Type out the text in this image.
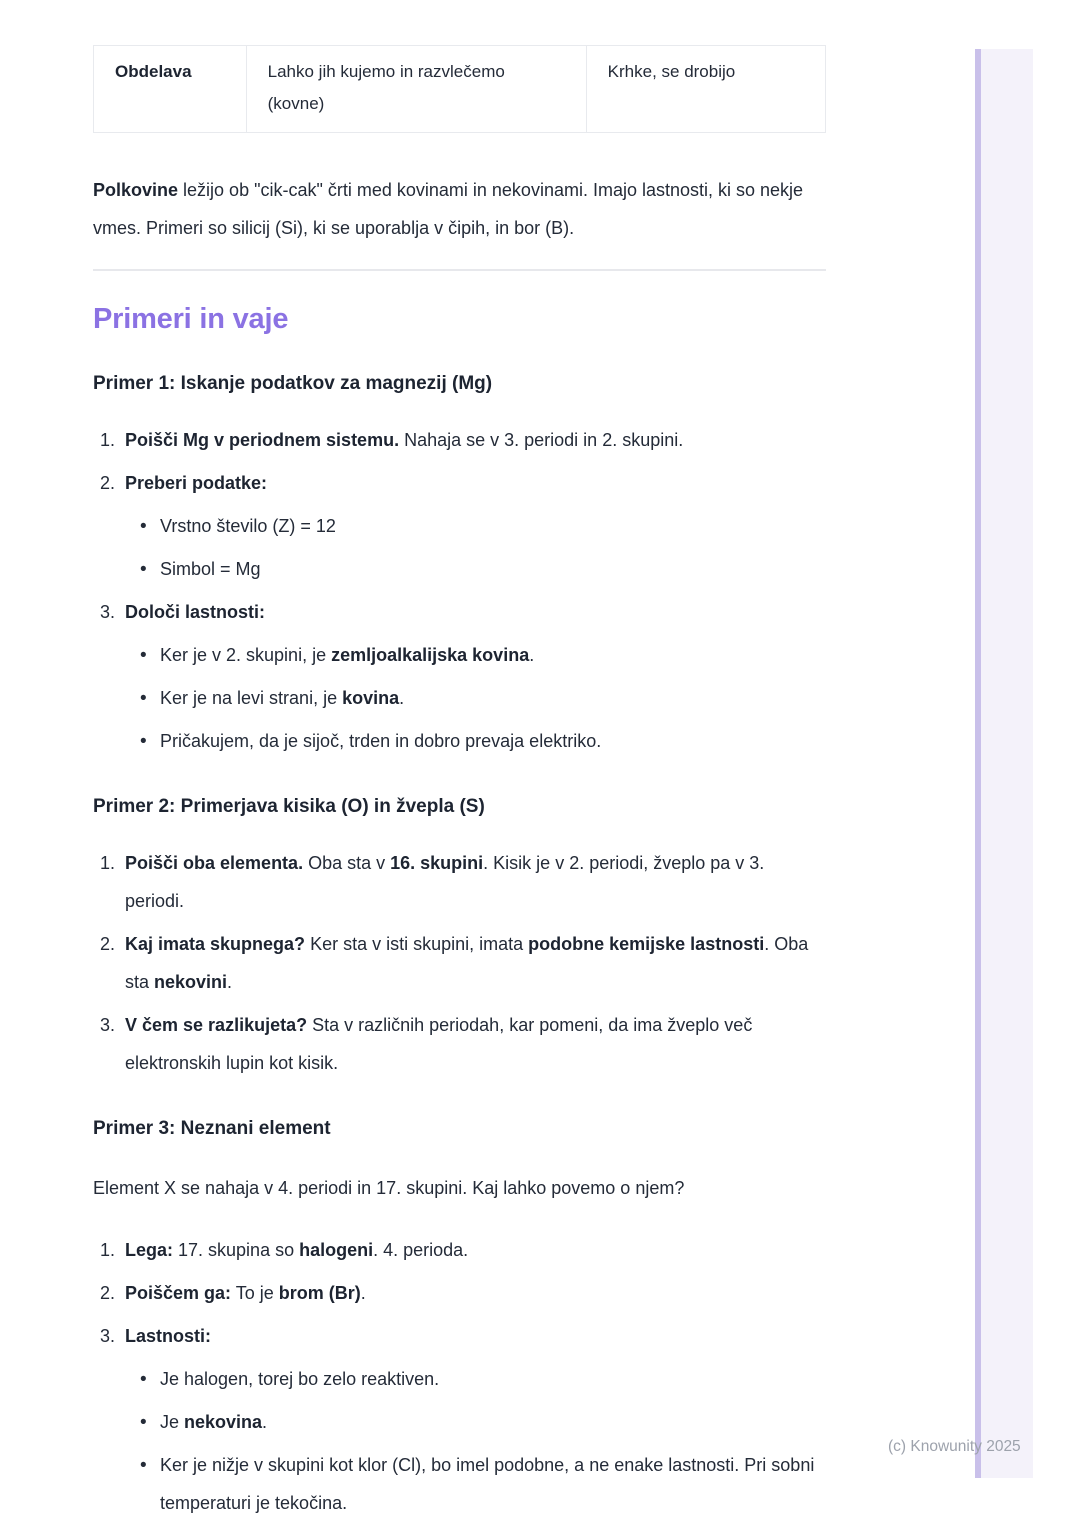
Obdelava	Lahko jih kujemo in razvlečemo (kovne)
Krhke, se drobijo

Polkovine ležijo ob "cik-cak" črti med kovinami in nekovinami. Imajo lastnosti, ki so nekje vmes. Primeri so silicij (Si), ki se uporablja v čipih, in bor (B).

Primeri in vaje
Primer 1: Iskanje podatkov za magnezij (Mg)
1. Poišči Mg v periodnem sistemu. Nahaja se v 3. periodi in 2. skupini.
2. Preberi podatke:
•
Vrstno število (Z) = 12
•
Simbol = Mg
3. Določi lastnosti:
•
Ker je v 2. skupini, je zemljoalkalijska kovina.
•
Ker je na levi strani, je kovina.
•
Pričakujem, da je sijoč, trden in dobro prevaja elektriko.
Primer 2: Primerjava kisika (O) in žvepla (S)
1. Poišči oba elementa. Oba sta v 16. skupini. Kisik je v 2. periodi, žveplo pa v 3. periodi.
2. Kaj imata skupnega? Ker sta v isti skupini, imata podobne kemijske lastnosti. Oba sta nekovini.
3. V čem se razlikujeta? Sta v različnih periodah, kar pomeni, da ima žveplo več elektronskih lupin kot kisik.
Primer 3: Neznani element

Element X se nahaja v 4. periodi in 17. skupini. Kaj lahko povemo o njem?

1. Lega: 17. skupina so halogeni. 4. perioda.
2. Poiščem ga: To je brom (Br).
3. Lastnosti:
•
Je halogen, torej bo zelo reaktiven.
•
Je nekovina.
•
Ker je nižje v skupini kot klor (Cl), bo imel podobne, a ne enake lastnosti. Pri sobni temperaturi je tekočina.
(c) Knowunity 2025
